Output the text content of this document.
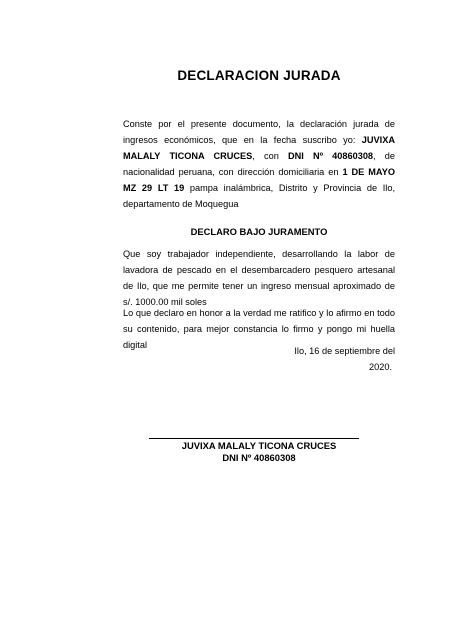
DECLARACION JURADA
Conste por el presente documento, la declaración jurada de ingresos económicos, que en la fecha suscribo yo: JUVIXA MALALY TICONA CRUCES, con DNI Nº 40860308, de nacionalidad peruana, con dirección domiciliaria en 1 DE MAYO MZ 29 LT 19 pampa inalámbrica, Distrito y Provincia de Ilo, departamento de Moquegua
DECLARO BAJO JURAMENTO
Que soy trabajador independiente, desarrollando la labor de lavadora de pescado en el desembarcadero pesquero artesanal de Ilo, que me permite tener un ingreso mensual aproximado de s/. 1000.00 mil soles
Lo que declaro en honor a la verdad me ratifico y lo afirmo en todo su contenido, para mejor constancia lo firmo y pongo mi huella digital
Ilo, 16 de septiembre del
2020.
JUVIXA MALALY TICONA CRUCES
DNI Nº 40860308
